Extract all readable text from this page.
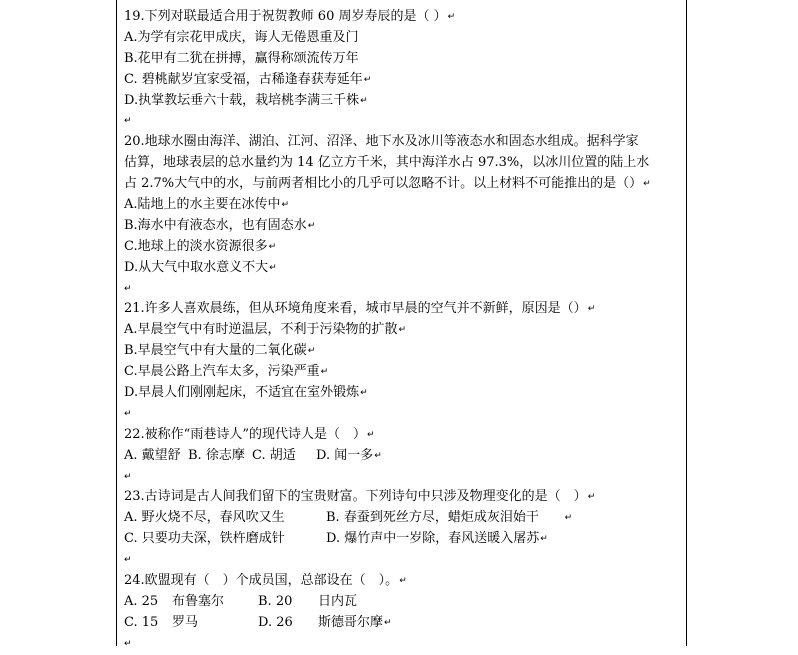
19.下列对联最适合用于祝贺教师 60 周岁寿辰的是（ ）↵
A.为学有宗花甲成庆，诲人无倦恩重及门
B.花甲有二犹在拼搏，赢得称颂流传万年
C. 碧桃献岁宜家受福，古稀逢春获寿延年↵
D.执掌教坛垂六十载，栽培桃李满三千株↵
↵
20.地球水圈由海洋、湖泊、江河、沼泽、地下水及冰川等液态水和固态水组成。据科学家
估算，地球表层的总水量约为 14 亿立方千米，其中海洋水占 97.3%，以冰川位置的陆上水
占 2.7%大气中的水，与前两者相比小的几乎可以忽略不计。以上材料不可能推出的是（）↵
A.陆地上的水主要在冰传中↵
B.海水中有液态水，也有固态水↵
C.地球上的淡水资源很多↵
D.从大气中取水意义不大↵
↵
21.许多人喜欢晨练，但从环境角度来看，城市早晨的空气并不新鲜，原因是（）↵
A.早晨空气中有时逆温层，不利于污染物的扩散↵
B.早晨空气中有大量的二氧化碳↵
C.早晨公路上汽车太多，污染严重↵
D.早晨人们刚刚起床，不适宜在室外锻炼↵
↵
22.被称作“雨巷诗人”的现代诗人是（　）↵
A. 戴望舒 B. 徐志摩 C. 胡适 D. 闻一多↵
↵
23.古诗词是古人间我们留下的宝贵财富。下列诗句中只涉及物理变化的是（　）↵
A. 野火烧不尽，春风吹又生	B. 春蚕到死丝方尽，蜡炬成灰泪始干	↵
C. 只要功夫深，铁杵磨成针	D. 爆竹声中一岁除，春风送暖入屠苏↵
↵
24.欧盟现有（　）个成员国，总部设在（　）。↵
A. 25 布鲁塞尔	B. 20 日内瓦
C. 15 罗马	D. 26 斯德哥尔摩↵
↵
